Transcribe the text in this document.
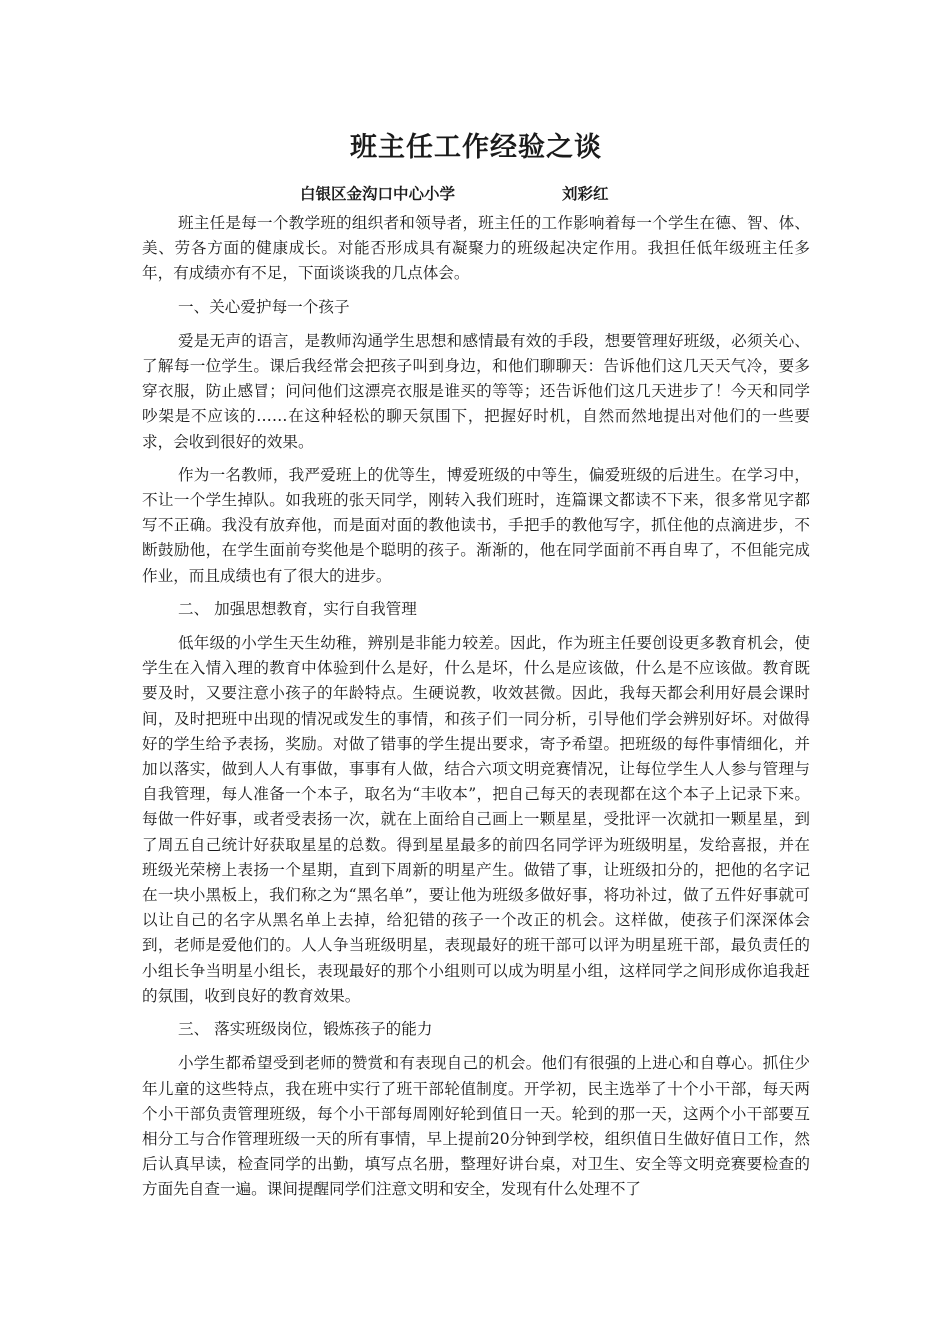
班主任工作经验之谈
白银区金沟口中心小学	刘彩红

班主任是每一个教学班的组织者和领导者，班主任的工作影响着每一个学生在德、智、体、美、劳各方面的健康成长。对能否形成具有凝聚力的班级起决定作用。我担任低年级班主任多年，有成绩亦有不足，下面谈谈我的几点体会。

一、关心爱护每一个孩子

爱是无声的语言，是教师沟通学生思想和感情最有效的手段，想要管理好班级，必须关心、了解每一位学生。课后我经常会把孩子叫到身边，和他们聊聊天：告诉他们这几天天气冷，要多穿衣服，防止感冒；问问他们这漂亮衣服是谁买的等等；还告诉他们这几天进步了！今天和同学吵架是不应该的……在这种轻松的聊天氛围下，把握好时机，自然而然地提出对他们的一些要求，会收到很好的效果。

作为一名教师，我严爱班上的优等生，博爱班级的中等生，偏爱班级的后进生。在学习中，不让一个学生掉队。如我班的张天同学，刚转入我们班时，连篇课文都读不下来，很多常见字都写不正确。我没有放弃他，而是面对面的教他读书，手把手的教他写字，抓住他的点滴进步，不断鼓励他，在学生面前夸奖他是个聪明的孩子。渐渐的，他在同学面前不再自卑了，不但能完成作业，而且成绩也有了很大的进步。

二、 加强思想教育，实行自我管理

低年级的小学生天生幼稚，辨别是非能力较差。因此，作为班主任要创设更多教育机会，使学生在入情入理的教育中体验到什么是好，什么是坏，什么是应该做，什么是不应该做。教育既要及时，又要注意小孩子的年龄特点。生硬说教，收效甚微。因此，我每天都会利用好晨会课时间，及时把班中出现的情况或发生的事情，和孩子们一同分析，引导他们学会辨别好坏。对做得好的学生给予表扬，奖励。对做了错事的学生提出要求，寄予希望。把班级的每件事情细化，并加以落实，做到人人有事做，事事有人做，结合六项文明竞赛情况，让每位学生人人参与管理与自我管理，每人准备一个本子，取名为“丰收本”，把自己每天的表现都在这个本子上记录下来。每做一件好事，或者受表扬一次，就在上面给自己画上一颗星星，受批评一次就扣一颗星星，到了周五自己统计好获取星星的总数。得到星星最多的前四名同学评为班级明星，发给喜报，并在班级光荣榜上表扬一个星期，直到下周新的明星产生。做错了事，让班级扣分的，把他的名字记在一块小黑板上，我们称之为“黑名单”，要让他为班级多做好事，将功补过，做了五件好事就可以让自己的名字从黑名单上去掉，给犯错的孩子一个改正的机会。这样做，使孩子们深深体会到，老师是爱他们的。人人争当班级明星，表现最好的班干部可以评为明星班干部，最负责任的小组长争当明星小组长，表现最好的那个小组则可以成为明星小组，这样同学之间形成你追我赶的氛围，收到良好的教育效果。

三、 落实班级岗位，锻炼孩子的能力

小学生都希望受到老师的赞赏和有表现自己的机会。他们有很强的上进心和自尊心。抓住少年儿童的这些特点，我在班中实行了班干部轮值制度。开学初，民主选举了十个小干部，每天两个小干部负责管理班级，每个小干部每周刚好轮到值日一天。轮到的那一天，这两个小干部要互相分工与合作管理班级一天的所有事情，早上提前20分钟到学校，组织值日生做好值日工作，然后认真早读，检查同学的出勤，填写点名册，整理好讲台桌，对卫生、安全等文明竞赛要检查的方面先自查一遍。课间提醒同学们注意文明和安全，发现有什么处理不了
